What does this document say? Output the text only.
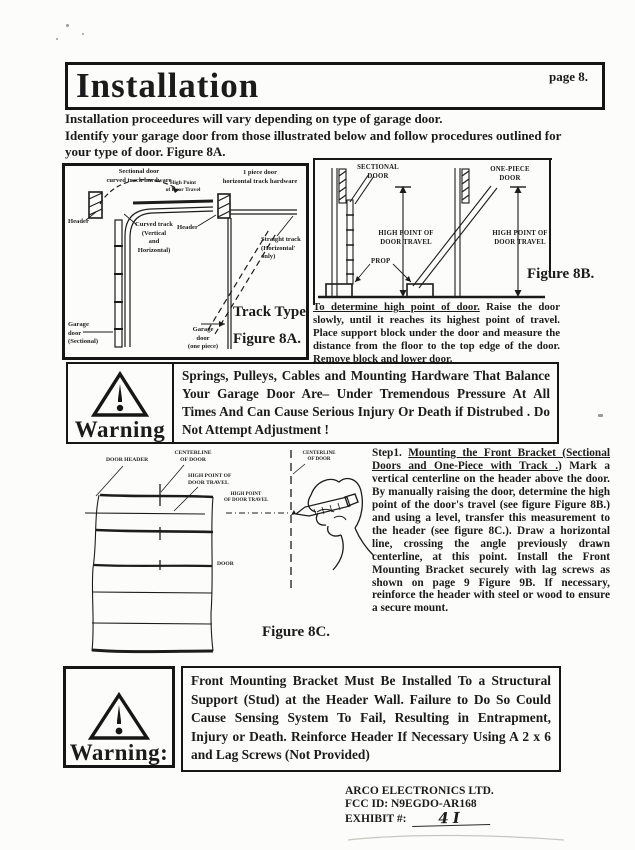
Installation	page 8.
Installation proceedures will vary depending on type of garage door.
Identify your garage door from those illustrated below and follow procedures outlined for
your type of door. Figure 8A.
Sectional door
curved track hardware
High Point
of Door Travel
Header	Curved track
(Vertical
and
Horizontal)
Garage
door
(Sectional)
1 piece door
horizontal track hardware
Header
Straight track
(Horizontal'
only)
Garage
door
(one piece)
Track Type
Figure 8A.
SECTIONAL
DOOR
ONE-PIECE
DOOR
HIGH POINT OF
DOOR TRAVEL
HIGH POINT OF
DOOR TRAVEL
PROP
Figure 8B.

To determine high point of door. Raise the door slowly, until it reaches its highest point of travel. Place support block under the door and measure the distance from the floor to the top edge of the door. Remove block and lower door.

Warning
Springs, Pulleys, Cables and Mounting Hardware That Balance Your Garage Door Are– Under Tremendous Pressure At All Times And Can Cause Serious Injury Or Death if Distrubed . Do Not Attempt Adjustment !
DOOR HEADER
CENTERLINE
OF DOOR
HIGH POINT OF
DOOR TRAVEL
HIGH POINT
OF DOOR TRAVEL
CENTERLINE
OF DOOR
DOOR
Figure 8C.

Step1. Mounting the Front Bracket (Sectional Doors and One-Piece with Track .) Mark a vertical centerline on the header above the door. By manually raising the door, determine the high point of the door's travel (see figure Figure 8B.) and using a level, transfer this measurement to the header (see figure 8C.). Draw a horizontal line, crossing the angle previously drawn centerline, at this point. Install the Front Mounting Bracket securely with lag screws as shown on page 9 Figure 9B. If necessary, reinforce the header with steel or wood to ensure a secure mount.

Warning:
Front Mounting Bracket Must Be Installed To a Structural Support (Stud) at the Header Wall. Failure to Do So Could Cause Sensing System To Fail, Resulting in Entrapment, Injury or Death. Reinforce Header If Necessary Using A 2 x 6 and Lag Screws (Not Provided)
ARCO ELECTRONICS LTD.
FCC ID: N9EGDO-AR168
EXHIBIT #:	4I
